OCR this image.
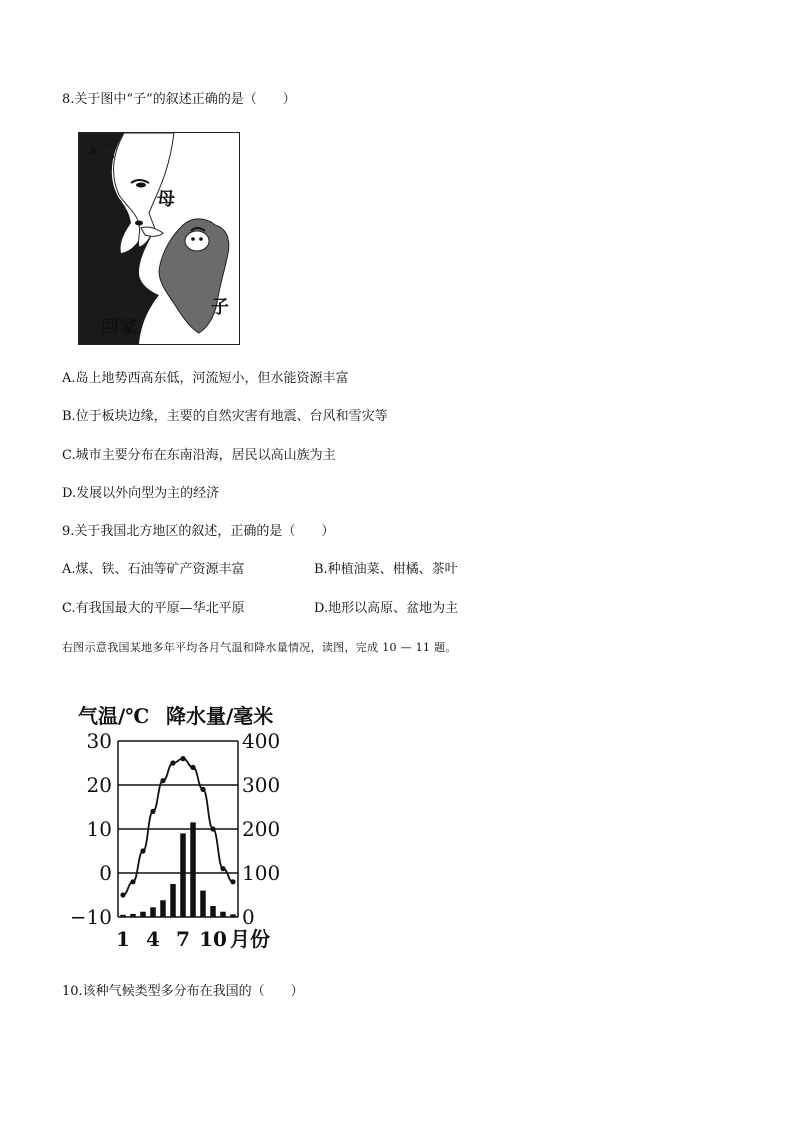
8.关于图中“子”的叙述正确的是（　　）
★
母
子
回家
A.岛上地势西高东低，河流短小，但水能资源丰富
B.位于板块边缘，主要的自然灾害有地震、台风和雪灾等
C.城市主要分布在东南沿海，居民以高山族为主
D.发展以外向型为主的经济
9.关于我国北方地区的叙述，正确的是（　　）
A.煤、铁、石油等矿产资源丰富	B.种植油菜、柑橘、茶叶
C.有我国最大的平原—华北平原	D.地形以高原、盆地为主
右图示意我国某地多年平均各月气温和降水量情况，读图，完成 10 — 11 题。
气温/℃ 降水量/毫米
月份
30
20
10
0
−10
400
300
200
100
0
1 4 7 10
10.该种气候类型多分布在我国的（　　）
